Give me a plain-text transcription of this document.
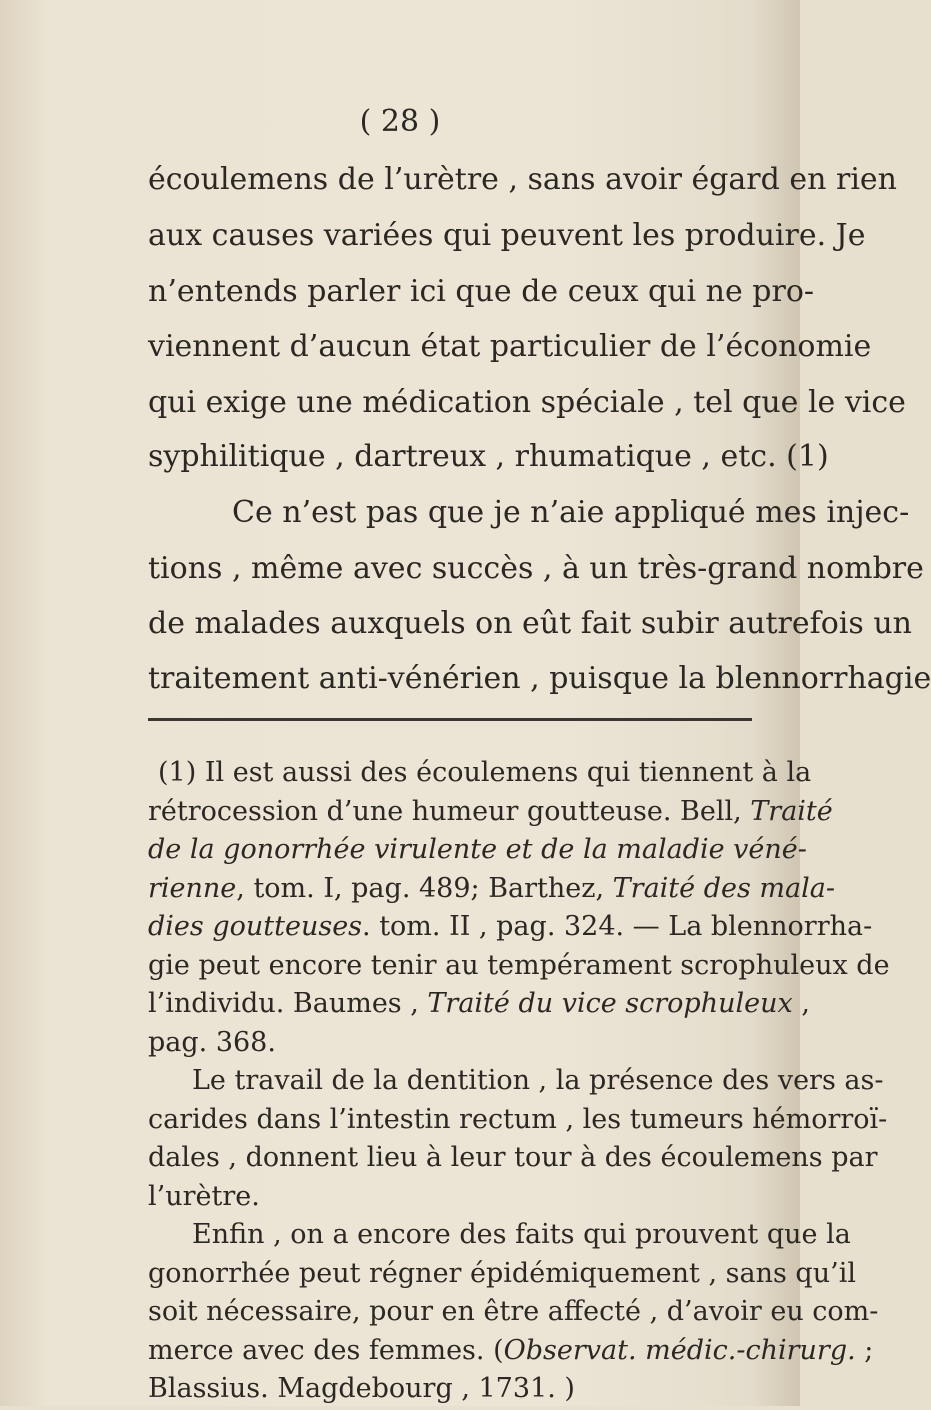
( 28 )
écoulemens de l’urètre , sans avoir égard en rien
aux causes variées qui peuvent les produire. Je
n’entends parler ici que de ceux qui ne pro-
viennent d’aucun état particulier de l’économie
qui exige une médication spéciale , tel que le vice
syphilitique , dartreux , rhumatique , etc. (1)
Ce n’est pas que je n’aie appliqué mes injec-
tions , même avec succès , à un très-grand nombre
de malades auxquels on eût fait subir autrefois un
traitement anti-vénérien , puisque la blennorrhagie
(1) Il est aussi des écoulemens qui tiennent à la
rétrocession d’une humeur goutteuse. Bell, Traité
de la gonorrhée virulente et de la maladie véné-
rienne, tom. I, pag. 489; Barthez, Traité des mala-
dies goutteuses. tom. II , pag. 324. — La blennorrha-
gie peut encore tenir au tempérament scrophuleux de
l’individu. Baumes , Traité du vice scrophuleux ,
pag. 368.
Le travail de la dentition , la présence des vers as-
carides dans l’intestin rectum , les tumeurs hémorroï-
dales , donnent lieu à leur tour à des écoulemens par
l’urètre.
Enfin , on a encore des faits qui prouvent que la
gonorrhée peut régner épidémiquement , sans qu’il
soit nécessaire, pour en être affecté , d’avoir eu com-
merce avec des femmes. (Observat. médic.-chirurg. ;
Blassius. Magdebourg , 1731. )
